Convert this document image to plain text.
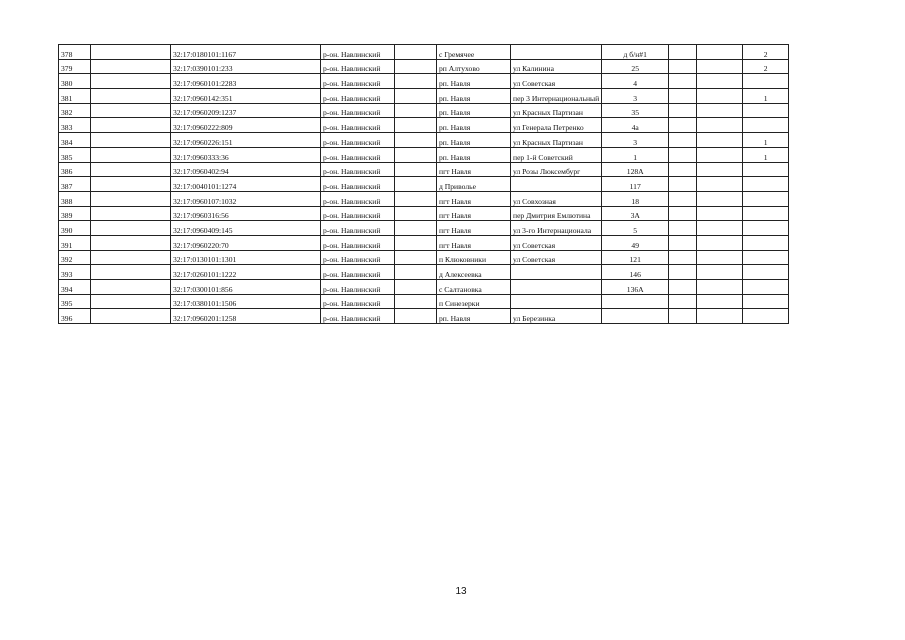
378		32:17:0180101:1167	р-он. Навлинский		с Гремячее		д б/н#1			2
379		32:17:0390101:233	р-он. Навлинский		рп Алтухово	ул Калинина	25			2
380		32:17:0960101:2283	р-он. Навлинский		рп. Навля	ул Советская	4			
381		32:17:0960142:351	р-он. Навлинский		рп. Навля	пер 3 Интернациональный	3			1
382		32:17:0960209:1237	р-он. Навлинский		рп. Навля	ул Красных Партизан	35			
383		32:17:0960222:809	р-он. Навлинский		рп. Навля	ул Генерала Петренко	4а			
384		32:17:0960226:151	р-он. Навлинский		рп. Навля	ул Красных Партизан	3			1
385		32:17:0960333:36	р-он. Навлинский		рп. Навля	пер 1-й Советский	1			1
386		32:17:0960402:94	р-он. Навлинский		пгт Навля	ул Розы Люксембург	128А			
387		32:17:0040101:1274	р-он. Навлинский		д Приволье		117			
388		32:17:0960107:1032	р-он. Навлинский		пгт Навля	ул Совхозная	18			
389		32:17:0960316:56	р-он. Навлинский		пгт Навля	пер Дмитрия Емлютина	3А			
390		32:17:0960409:145	р-он. Навлинский		пгт Навля	ул 3-го Интернационала	5			
391		32:17:0960220:70	р-он. Навлинский		пгт Навля	ул Советская	49			
392		32:17:0130101:1301	р-он. Навлинский		п Клюковники	ул Советская	121			
393		32:17:0260101:1222	р-он. Навлинский		д Алексеевка		146			
394		32:17:0300101:856	р-он. Навлинский		с Салтановка		136А			
395		32:17:0380101:1506	р-он. Навлинский		п Синезерки					
396		32:17:0960201:1258	р-он. Навлинский		рп. Навля	ул Березинка				
13
